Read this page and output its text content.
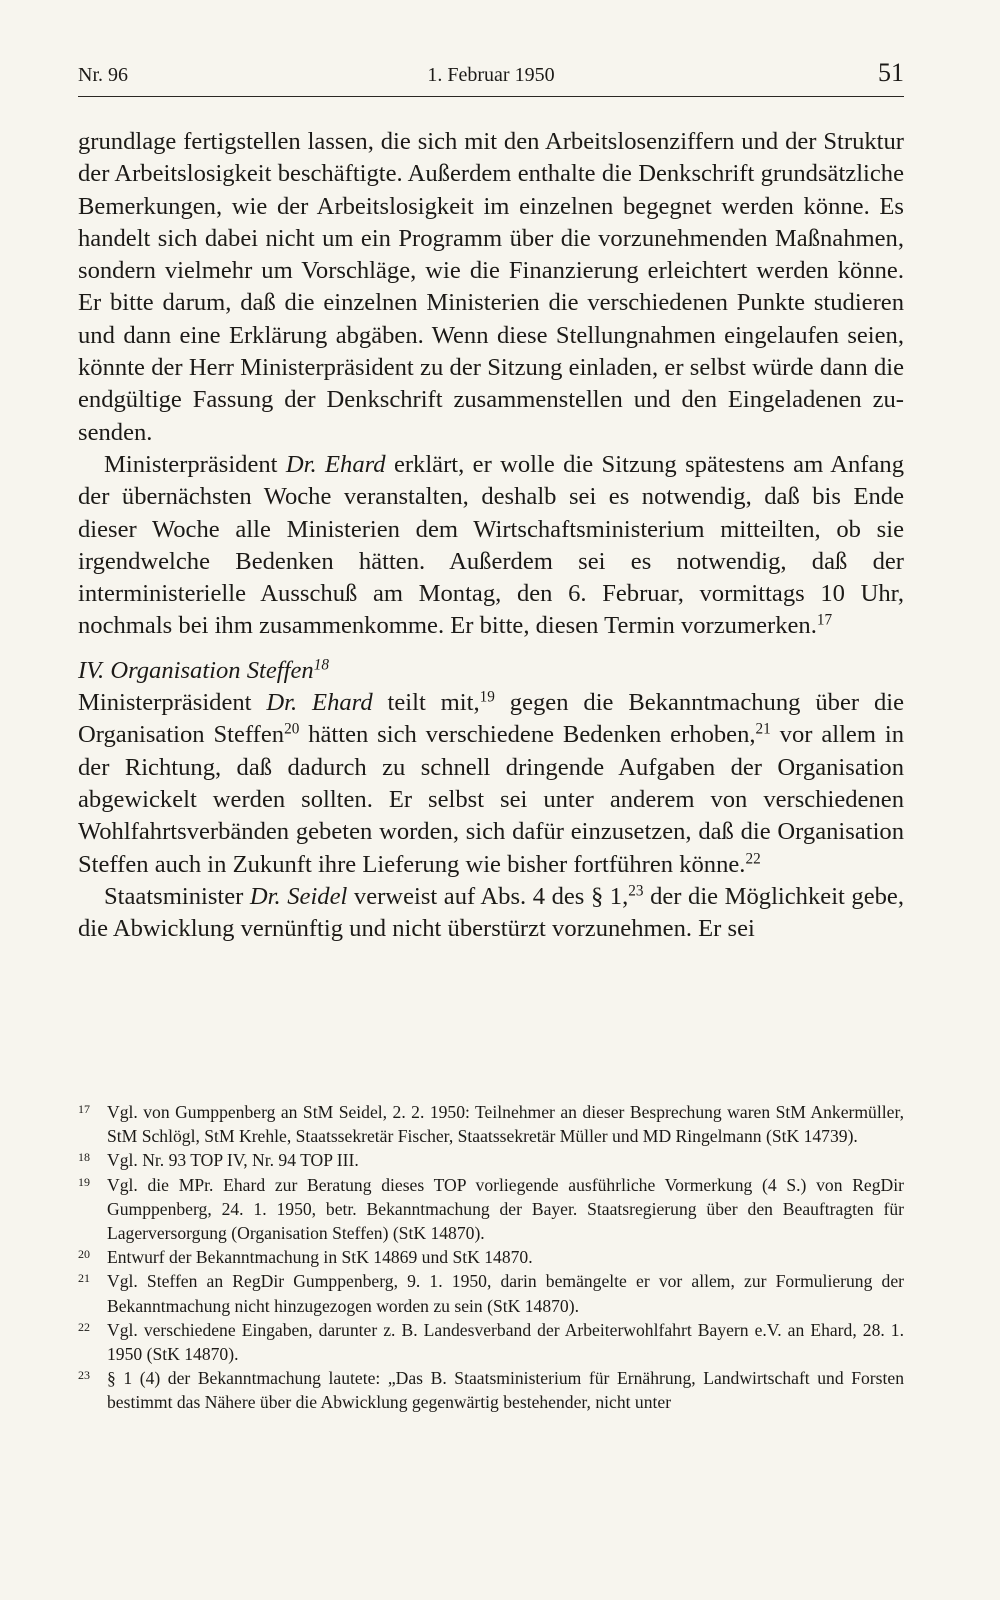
Nr. 96	1. Februar 1950	51

grundlage fertigstellen lassen, die sich mit den Arbeitslosenziffern und der Struktur der Arbeitslosigkeit beschäftigte. Außerdem enthalte die Denkschrift grundsätzliche Bemerkungen, wie der Arbeitslosigkeit im einzelnen begegnet werden könne. Es handelt sich dabei nicht um ein Programm über die vorzunehmenden Maßnahmen, sondern vielmehr um Vorschläge, wie die Finanzierung erleichtert werden könne. Er bitte darum, daß die einzelnen Ministerien die verschiedenen Punkte studieren und dann eine Erklärung abgäben. Wenn diese Stellungnahmen eingelaufen seien, könnte der Herr Ministerpräsident zu der Sitzung einladen, er selbst würde dann die endgültige Fassung der Denkschrift zusammenstellen und den Eingeladenen zusenden.

Ministerpräsident Dr. Ehard erklärt, er wolle die Sitzung spätestens am Anfang der übernächsten Woche veranstalten, deshalb sei es notwendig, daß bis Ende dieser Woche alle Ministerien dem Wirtschaftsministerium mitteilten, ob sie irgendwelche Bedenken hätten. Außerdem sei es notwendig, daß der interministerielle Ausschuß am Montag, den 6. Februar, vormittags 10 Uhr, nochmals bei ihm zusammenkomme. Er bitte, diesen Termin vorzumerken.$^{17}$

IV. Organisation Steffen$^{18}$

Ministerpräsident Dr. Ehard teilt mit,$^{19}$ gegen die Bekanntmachung über die Organisation Steffen$^{20}$ hätten sich verschiedene Bedenken erhoben,$^{21}$ vor allem in der Richtung, daß dadurch zu schnell dringende Aufgaben der Organisation abgewickelt werden sollten. Er selbst sei unter anderem von verschiedenen Wohlfahrtsverbänden gebeten worden, sich dafür einzusetzen, daß die Organisation Steffen auch in Zukunft ihre Lieferung wie bisher fortführen könne.$^{22}$

Staatsminister Dr. Seidel verweist auf Abs. 4 des § 1,23 der die Möglichkeit gebe, die Abwicklung vernünftig und nicht überstürzt vorzunehmen. Er sei

17 Vgl. von Gumppenberg an StM Seidel, 2. 2. 1950: Teilnehmer an dieser Besprechung waren StM Ankermüller, StM Schlögl, StM Krehle, Staatssekretär Fischer, Staatssekretär Müller und MD Ringelmann (StK 14739).
18 Vgl. Nr. 93 TOP IV, Nr. 94 TOP III.
19 Vgl. die MPr. Ehard zur Beratung dieses TOP vorliegende ausführliche Vormerkung (4 S.) von RegDir Gumppenberg, 24. 1. 1950, betr. Bekanntmachung der Bayer. Staatsregierung über den Beauftragten für Lagerversorgung (Organisation Steffen) (StK 14870).
20 Entwurf der Bekanntmachung in StK 14869 und StK 14870.
21 Vgl. Steffen an RegDir Gumppenberg, 9. 1. 1950, darin bemängelte er vor allem, zur Formulierung der Bekanntmachung nicht hinzugezogen worden zu sein (StK 14870).
22 Vgl. verschiedene Eingaben, darunter z. B. Landesverband der Arbeiterwohlfahrt Bayern e.V. an Ehard, 28. 1. 1950 (StK 14870).
23 § 1 (4) der Bekanntmachung lautete: „Das B. Staatsministerium für Ernährung, Landwirtschaft und Forsten bestimmt das Nähere über die Abwicklung gegenwärtig bestehender, nicht unter
